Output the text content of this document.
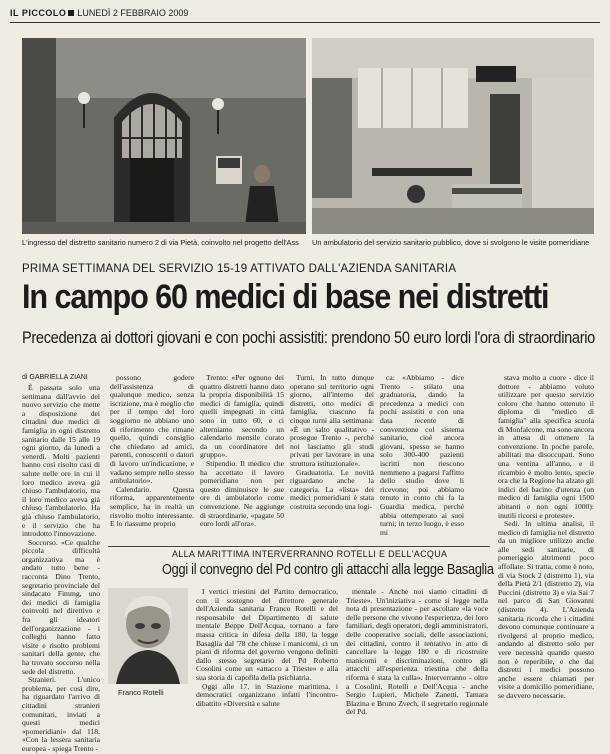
IL PICCOLO LUNEDÌ 2 FEBBRAIO 2009
L'ingresso del distretto sanitario numero 2 di via Pietà, coinvolto nel progetto dell'Ass	Un ambulatorio del servizio sanitario pubblico, dove si svolgono le visite pomeridiane
PRIMA SETTIMANA DEL SERVIZIO 15-19 ATTIVATO DALL'AZIENDA SANITARIA
In campo 60 medici di base nei distretti
Precedenza ai dottori giovani e con pochi assistiti: prendono 50 euro lordi l'ora di straordinario
di GABRIELLA ZIANI

È passata solo una settimana dall'avvio del nuovo servizio che mette a disposizione dei cittadini due medici di famiglia in ogni distretto sanitario dalle 15 alle 19 ogni giorno, da lunedì a venerdì. Molti pazienti hanno così risolto casi di salute nelle ore in cui il loro medico aveva già chiuso l'ambulatorio, ma il loro medico aveva già chiuso l'ambulatorio. Ha già chiuso l'ambulatorio, e il servizio che ha introdotto l'innovazione.

Soccorso. «Ce qualche piccola difficoltà organizzativa ma è andato tutto bene - racconta Dino Trento, segretario provinciale del sindacato Fimmg, uno dei medici di famiglia coinvolti nel direttivo e fra gli ideatori dell'organizzazione - i colleghi hanno fatto visite e risolto problemi sanitari della gente, che ha trovato soccorso nella sede del distretto.

Stranieri. L'unico problema, per così dire, ha riguardato l'arrivo di cittadini stranieri comunitari, inviati a questi medici «pomeridiani» dal 118. «Con la lessera sanitaria europea - spiega Trento -

possono godere dell'assistenza di qualunque medico, senza iscrizione, ma è meglio che per il tempo del loro soggiorno ne abbiano uno di riferimento che rimane quello, quindi consiglio che chiedano ad amici, parenti, conoscenti o datori di lavoro un'indicazione, e vadano sempre nello stesso ambulatorio».

Calendario. Questa riforma, apparentemente semplice, ha in realtà un risvolto molto interessante. E lo riassume proprio

Trento: «Per ognuno dei quattro distretti hanno dato la propria disponibilità 15 medici di famiglia, quindi quelli impegnati in città sono in tutto 60, e ci alterniamo secondo un calendario mensile curato da un coordinatore del gruppo».

Stipendio. Il medico che ha accettato il lavoro pomeridiano non per questo diminuisce le sue ore di ambulatorio come convenzione. Ne aggiunge di straordinarie, «pagate 50 euro lordi all'ora».

Turni. In tutto dunque operano sul territorio ogni giorno, all'interno dei distretti, otto medici di famiglia, ciascuno fa cinque turni alla settimana: «È un salto qualitativo - prosegue Trento -, perché noi lasciamo gli studi privati per lavorare in una struttura istituzionale».

Graduatoria. Le novità riguardano anche la categoria. La «lista» dei medici pomeridiani è stata costruita secondo una logi-

ca: «Abbiamo - dice Trento - stilato una graduatoria, dando la precedenza a medici con pochi assistiti e con una data recente di convenzione col sistema sanitario, cioè ancora giovani, spesso se hanno solo 300-400 pazienti iscritti non riescono nemmeno a pagarsi l'affitto dello studio dove li ricevono; poi abbiamo tenuto in conto chi fa la Guardia medica, perché abbia ottemperato ai suoi turni; in terzo luogo, è esso mi

stava molto a cuore - dice il dottore - abbiamo voluto utilizzare per questo servizio coloro che hanno ottenuto il diploma di "medico di famiglia" alla specifica scuola di Monfalcone, ma sono ancora in attesa di ottenere la convenzione. In poche parole, abilitati ma disoccupati. Sono una ventina all'anno, e il ricambio è molto lento, specie ora che la Regione ha alzato gli indici del bacino d'utenza (un medico di famiglia ogni 1500 abitanti e non ogni 1000): inutili ricorsi e proteste».

Sedi. In ultima analisi, il medico di famiglia nel distretto da un migliore utilizzo anche alle sedi sanitarie, di pomeriggio altrimenti poco affollate. Si tratta, come è noto, di via Stock 2 (distretto 1), via della Pietà 2/1 (distretto 2), via Puccini (distretto 3) e via Sai 7 nel parco di San Giovanni (distretto 4). L'Azienda sanitaria ricorda che i cittadini devono comunque continuare a rivolgersi al proprio medico, andando al distretto solo per vere necessità quando questo non è reperibile, e che dai distretti i medici possono anche essere chiamati per visite a domicilio pomeridiane, se davvero necessarie.

ALLA MARITTIMA INTERVERRANNO ROTELLI E DELL'ACQUA
Oggi il convegno del Pd contro gli attacchi alla legge Basaglia
Franco Rotelli

I vertici triestini del Partito democratico, con il sostegno del direttore generale dell'Azienda sanitaria Franco Rotelli e del responsabile del Dipartimento di salute mentale Beppe Dell'Acqua, tornano a fare massa critica in difesa della 180, la legge Basaglia dal '78 che chiuse i manicomi, ci un piani di riforma del governo vengono definiti dallo stesso segretario del Pd Roberto Cosolini come un «attacco a Trieste» e alla sua storia di capofila della psichiatria.

Oggi alle 17, in Stazione marittima, i democratici organizzano infatti l'incontro-dibattito «Diversità e salute

mentale - Anche noi siamo cittadini di Trieste». Un'iniziativa - come si legge nella nota di presentazione - per ascoltare «la voce delle persone che vivono l'esperienza, dei loro familiari, degli operatori, degli amministratori, delle cooperative sociali, delle associazioni, dei cittadini, contro il tentativo in atto di cancellare la legge 180 e di ricostruire manicomi e discriminazioni, contro gli attacchi all'esperienza triestina che della riforma è stata la culla». Interverranno - oltre a Cosolini, Rotelli e Dell'Acqua - anche Sergio Lupieri, Michele Zanetti, Tamara Blazina e Bruno Zvech, il segretario regionale del Pd.
